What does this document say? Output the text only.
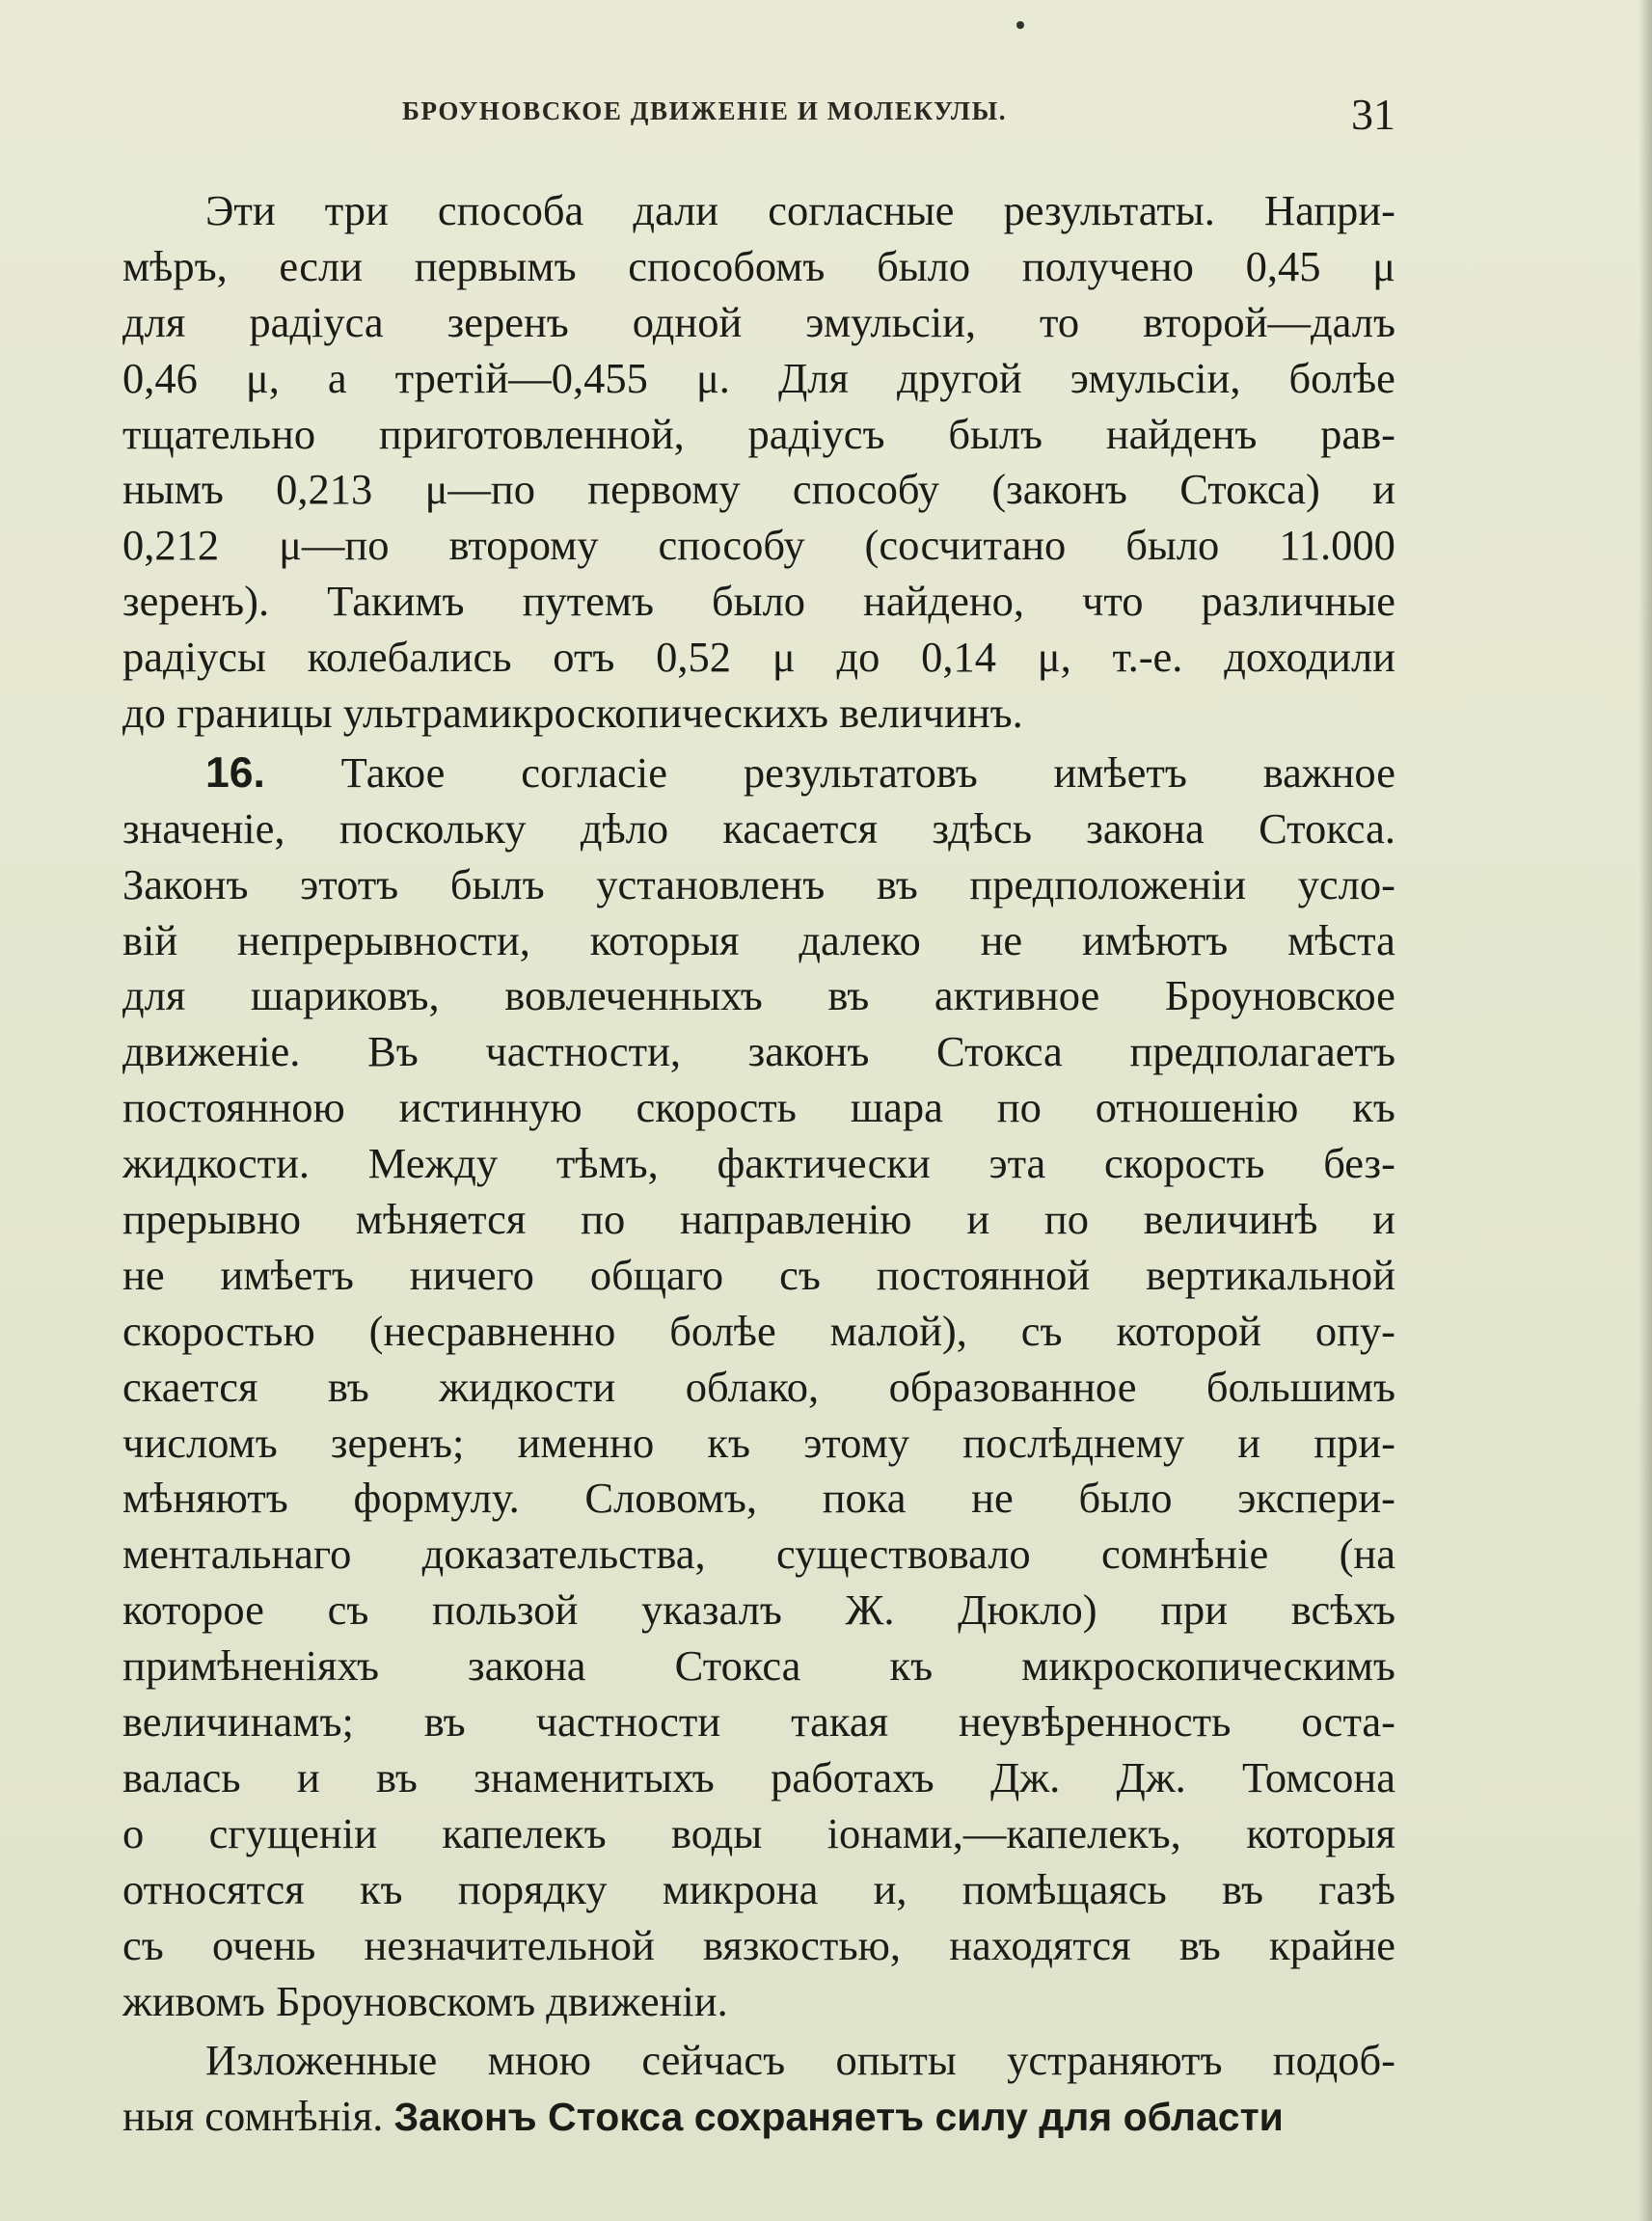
БРОУНОВСКОЕ ДВИЖЕНІЕ И МОЛЕКУЛЫ.	31
Эти три способа дали согласные результаты. Напри-
мѣръ, если первымъ способомъ было получено 0,45 μ
для радіуса зеренъ одной эмульсіи, то второй—далъ
0,46 μ, а третій—0,455 μ. Для другой эмульсіи, болѣе
тщательно приготовленной, радіусъ былъ найденъ рав-
нымъ 0,213 μ—по первому способу (законъ Стокса) и
0,212 μ—по второму способу (сосчитано было 11.000
зеренъ). Такимъ путемъ было найдено, что различные
радіусы колебались отъ 0,52 μ до 0,14 μ, т.-е. доходили
до границы ультрамикроскопическихъ величинъ.
16. Такое согласіе результатовъ имѣетъ важное
значеніе, поскольку дѣло касается здѣсь закона Стокса.
Законъ этотъ былъ установленъ въ предположеніи усло-
вій непрерывности, которыя далеко не имѣютъ мѣста
для шариковъ, вовлеченныхъ въ активное Броуновское
движеніе. Въ частности, законъ Стокса предполагаетъ
постоянною истинную скорость шара по отношенію къ
жидкости. Между тѣмъ, фактически эта скорость без-
прерывно мѣняется по направленію и по величинѣ и
не имѣетъ ничего общаго съ постоянной вертикальной
скоростью (несравненно болѣе малой), съ которой опу-
скается въ жидкости облако, образованное большимъ
числомъ зеренъ; именно къ этому послѣднему и при-
мѣняютъ формулу. Словомъ, пока не было экспери-
ментальнаго доказательства, существовало сомнѣніе (на
которое съ пользой указалъ Ж. Дюкло) при всѣхъ
примѣненіяхъ закона Стокса къ микроскопическимъ
величинамъ; въ частности такая неувѣренность оста-
валась и въ знаменитыхъ работахъ Дж. Дж. Томсона
о сгущеніи капелекъ воды іонами,—капелекъ, которыя
относятся къ порядку микрона и, помѣщаясь въ газѣ
съ очень незначительной вязкостью, находятся въ крайне
живомъ Броуновскомъ движеніи.
Изложенные мною сейчасъ опыты устраняютъ подоб-
ныя сомнѣнія. Законъ Стокса сохраняетъ силу для области
